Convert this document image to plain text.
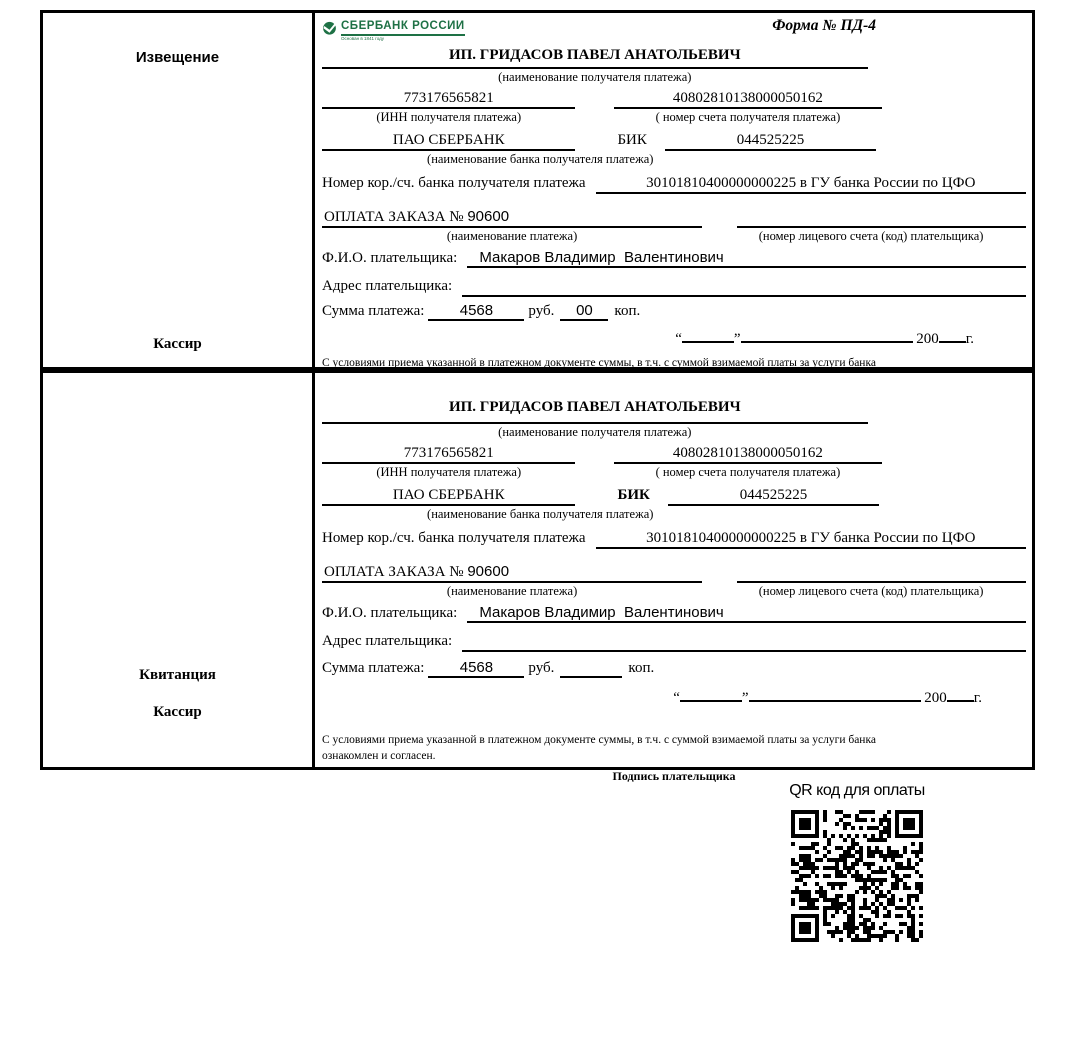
Извещение
Кассир
СБЕРБАНК РОССИИ
Основан в 1841 году
Форма № ПД-4
ИП. ГРИДАСОВ ПАВЕЛ АНАТОЛЬЕВИЧ
(наименование получателя платежа)
773176565821	40802810138000050162
(ИНН получателя платежа)	( номер счета получателя платежа)
ПАО СБЕРБАНК	БИК	044525225
(наименование банка получателя платежа)
Номер кор./сч. банка получателя платежа	30101810400000000225 в ГУ банка России по ЦФО
ОПЛАТА ЗАКАЗА № 90600
(наименование платежа)	(номер лицевого счета (код) плательщика)
Ф.И.О. плательщика:	Макаров Владимир  Валентинович
Адрес плательщика:
Сумма платежа:	4568	руб.	00	коп.
“	”	200 г.
С условиями приема указанной в платежном документе суммы, в т.ч. с суммой взимаемой платы за услуги банка
Квитанция
Кассир
ИП. ГРИДАСОВ ПАВЕЛ АНАТОЛЬЕВИЧ
(наименование получателя платежа)
773176565821	40802810138000050162
(ИНН получателя платежа)	( номер счета получателя платежа)
ПАО СБЕРБАНК	БИК	044525225
(наименование банка получателя платежа)
Номер кор./сч. банка получателя платежа	30101810400000000225 в ГУ банка России по ЦФО
ОПЛАТА ЗАКАЗА № 90600
(наименование платежа)	(номер лицевого счета (код) плательщика)
Ф.И.О. плательщика:	Макаров Владимир  Валентинович
Адрес плательщика:
Сумма платежа:	4568	руб.	коп.
“	”	200 г.
С условиями приема указанной в платежном документе суммы, в т.ч. с суммой взимаемой платы за услуги банка
ознакомлен и согласен.
Подпись плательщика
QR код для оплаты
